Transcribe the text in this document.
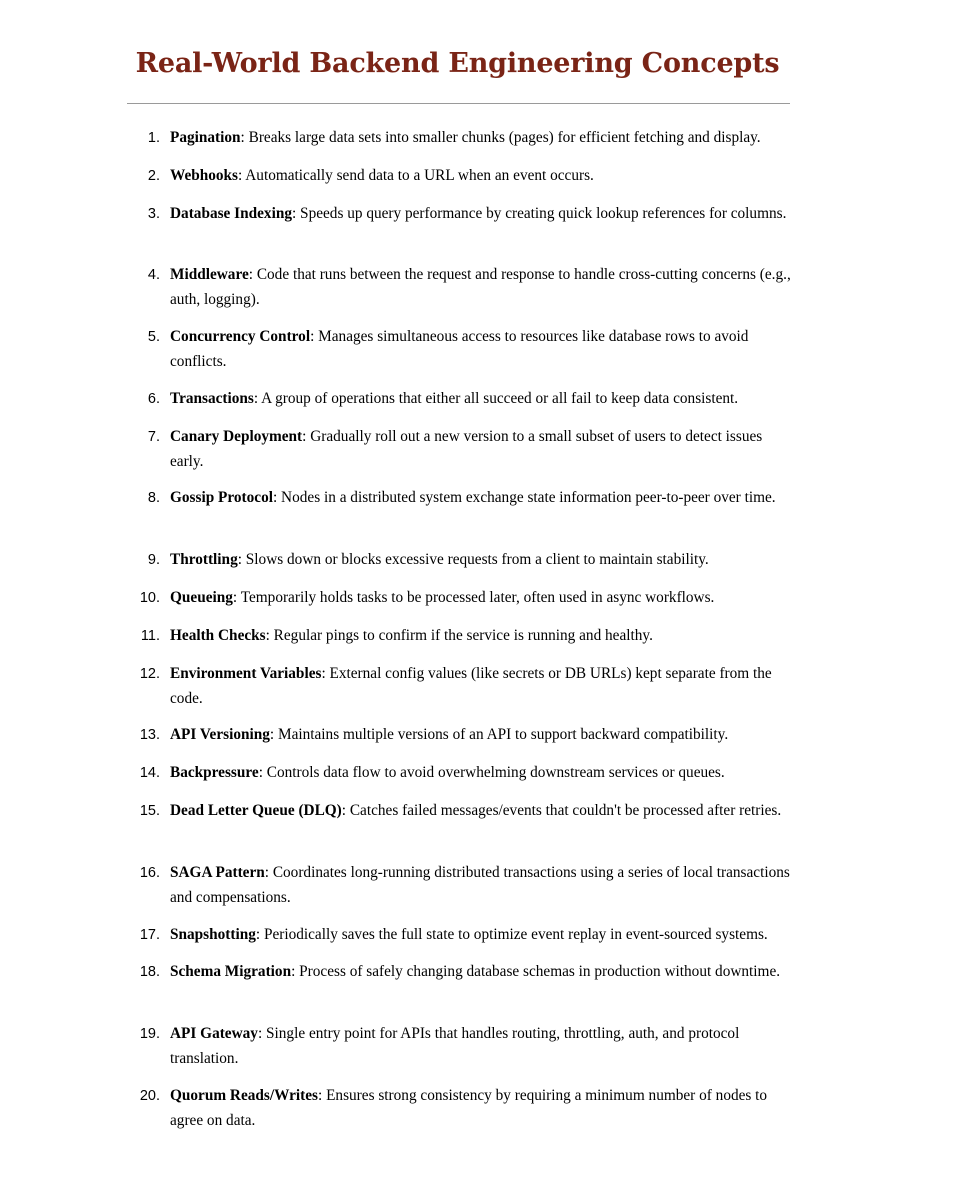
Real-World Backend Engineering Concepts
1. Pagination: Breaks large data sets into smaller chunks (pages) for efficient fetching and display.
2. Webhooks: Automatically send data to a URL when an event occurs.
3. Database Indexing: Speeds up query performance by creating quick lookup references for columns.
4. Middleware: Code that runs between the request and response to handle cross-cutting concerns (e.g., auth, logging).
5. Concurrency Control: Manages simultaneous access to resources like database rows to avoid conflicts.
6. Transactions: A group of operations that either all succeed or all fail to keep data consistent.
7. Canary Deployment: Gradually roll out a new version to a small subset of users to detect issues early.
8. Gossip Protocol: Nodes in a distributed system exchange state information peer-to-peer over time.
9. Throttling: Slows down or blocks excessive requests from a client to maintain stability.
10. Queueing: Temporarily holds tasks to be processed later, often used in async workflows.
11. Health Checks: Regular pings to confirm if the service is running and healthy.
12. Environment Variables: External config values (like secrets or DB URLs) kept separate from the code.
13. API Versioning: Maintains multiple versions of an API to support backward compatibility.
14. Backpressure: Controls data flow to avoid overwhelming downstream services or queues.
15. Dead Letter Queue (DLQ): Catches failed messages/events that couldn't be processed after retries.
16. SAGA Pattern: Coordinates long-running distributed transactions using a series of local transactions and compensations.
17. Snapshotting: Periodically saves the full state to optimize event replay in event-sourced systems.
18. Schema Migration: Process of safely changing database schemas in production without downtime.
19. API Gateway: Single entry point for APIs that handles routing, throttling, auth, and protocol translation.
20. Quorum Reads/Writes: Ensures strong consistency by requiring a minimum number of nodes to agree on data.
